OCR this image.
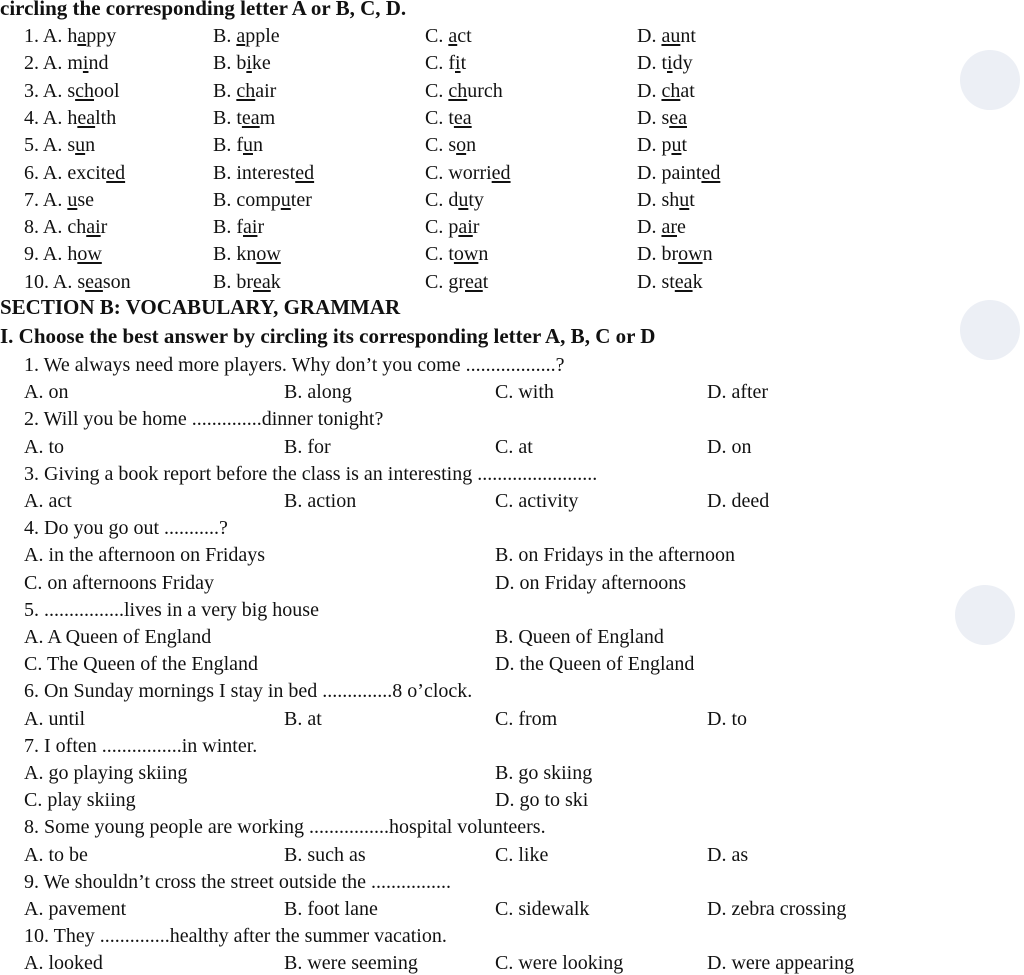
circling the corresponding letter A or B, C, D.
1. A. happy	B. apple	C. act	D. aunt
2. A. mind	B. bike	C. fit	D. tidy
3. A. school	B. chair	C. church	D. chat
4. A. health	B. team	C. tea	D. sea
5. A. sun	B. fun	C. son	D. put
6. A. excited	B. interested	C. worried	D. painted
7. A. use	B. computer	C. duty	D. shut
8. A. chair	B. fair	C. pair	D. are
9. A. how	B. know	C. town	D. brown
10. A. season	B. break	C. great	D. steak
SECTION B: VOCABULARY, GRAMMAR
I. Choose the best answer by circling its corresponding letter A, B, C or D
1. We always need more players. Why don’t you come ..................?
A. on	B. along	C. with	D. after
2. Will you be home ..............dinner tonight?
A. to	B. for	C. at	D. on
3. Giving a book report before the class is an interesting ........................
A. act	B. action	C. activity	D. deed
4. Do you go out ...........?
A. in the afternoon on Fridays	B. on Fridays in the afternoon
C. on afternoons Friday	D. on Friday afternoons
5. ................lives in a very big house
A. A Queen of England	B. Queen of England
C. The Queen of the England	D. the Queen of England
6. On Sunday mornings I stay in bed ..............8 o’clock.
A. until	B. at	C. from	D. to
7. I often ................in winter.
A. go playing skiing	B. go skiing
C. play skiing	D. go to ski
8. Some young people are working ................hospital volunteers.
A. to be	B. such as	C. like	D. as
9. We shouldn’t cross the street outside the ................
A. pavement	B. foot lane	C. sidewalk	D. zebra crossing
10. They ..............healthy after the summer vacation.
A. looked	B. were seeming	C. were looking	D. were appearing
